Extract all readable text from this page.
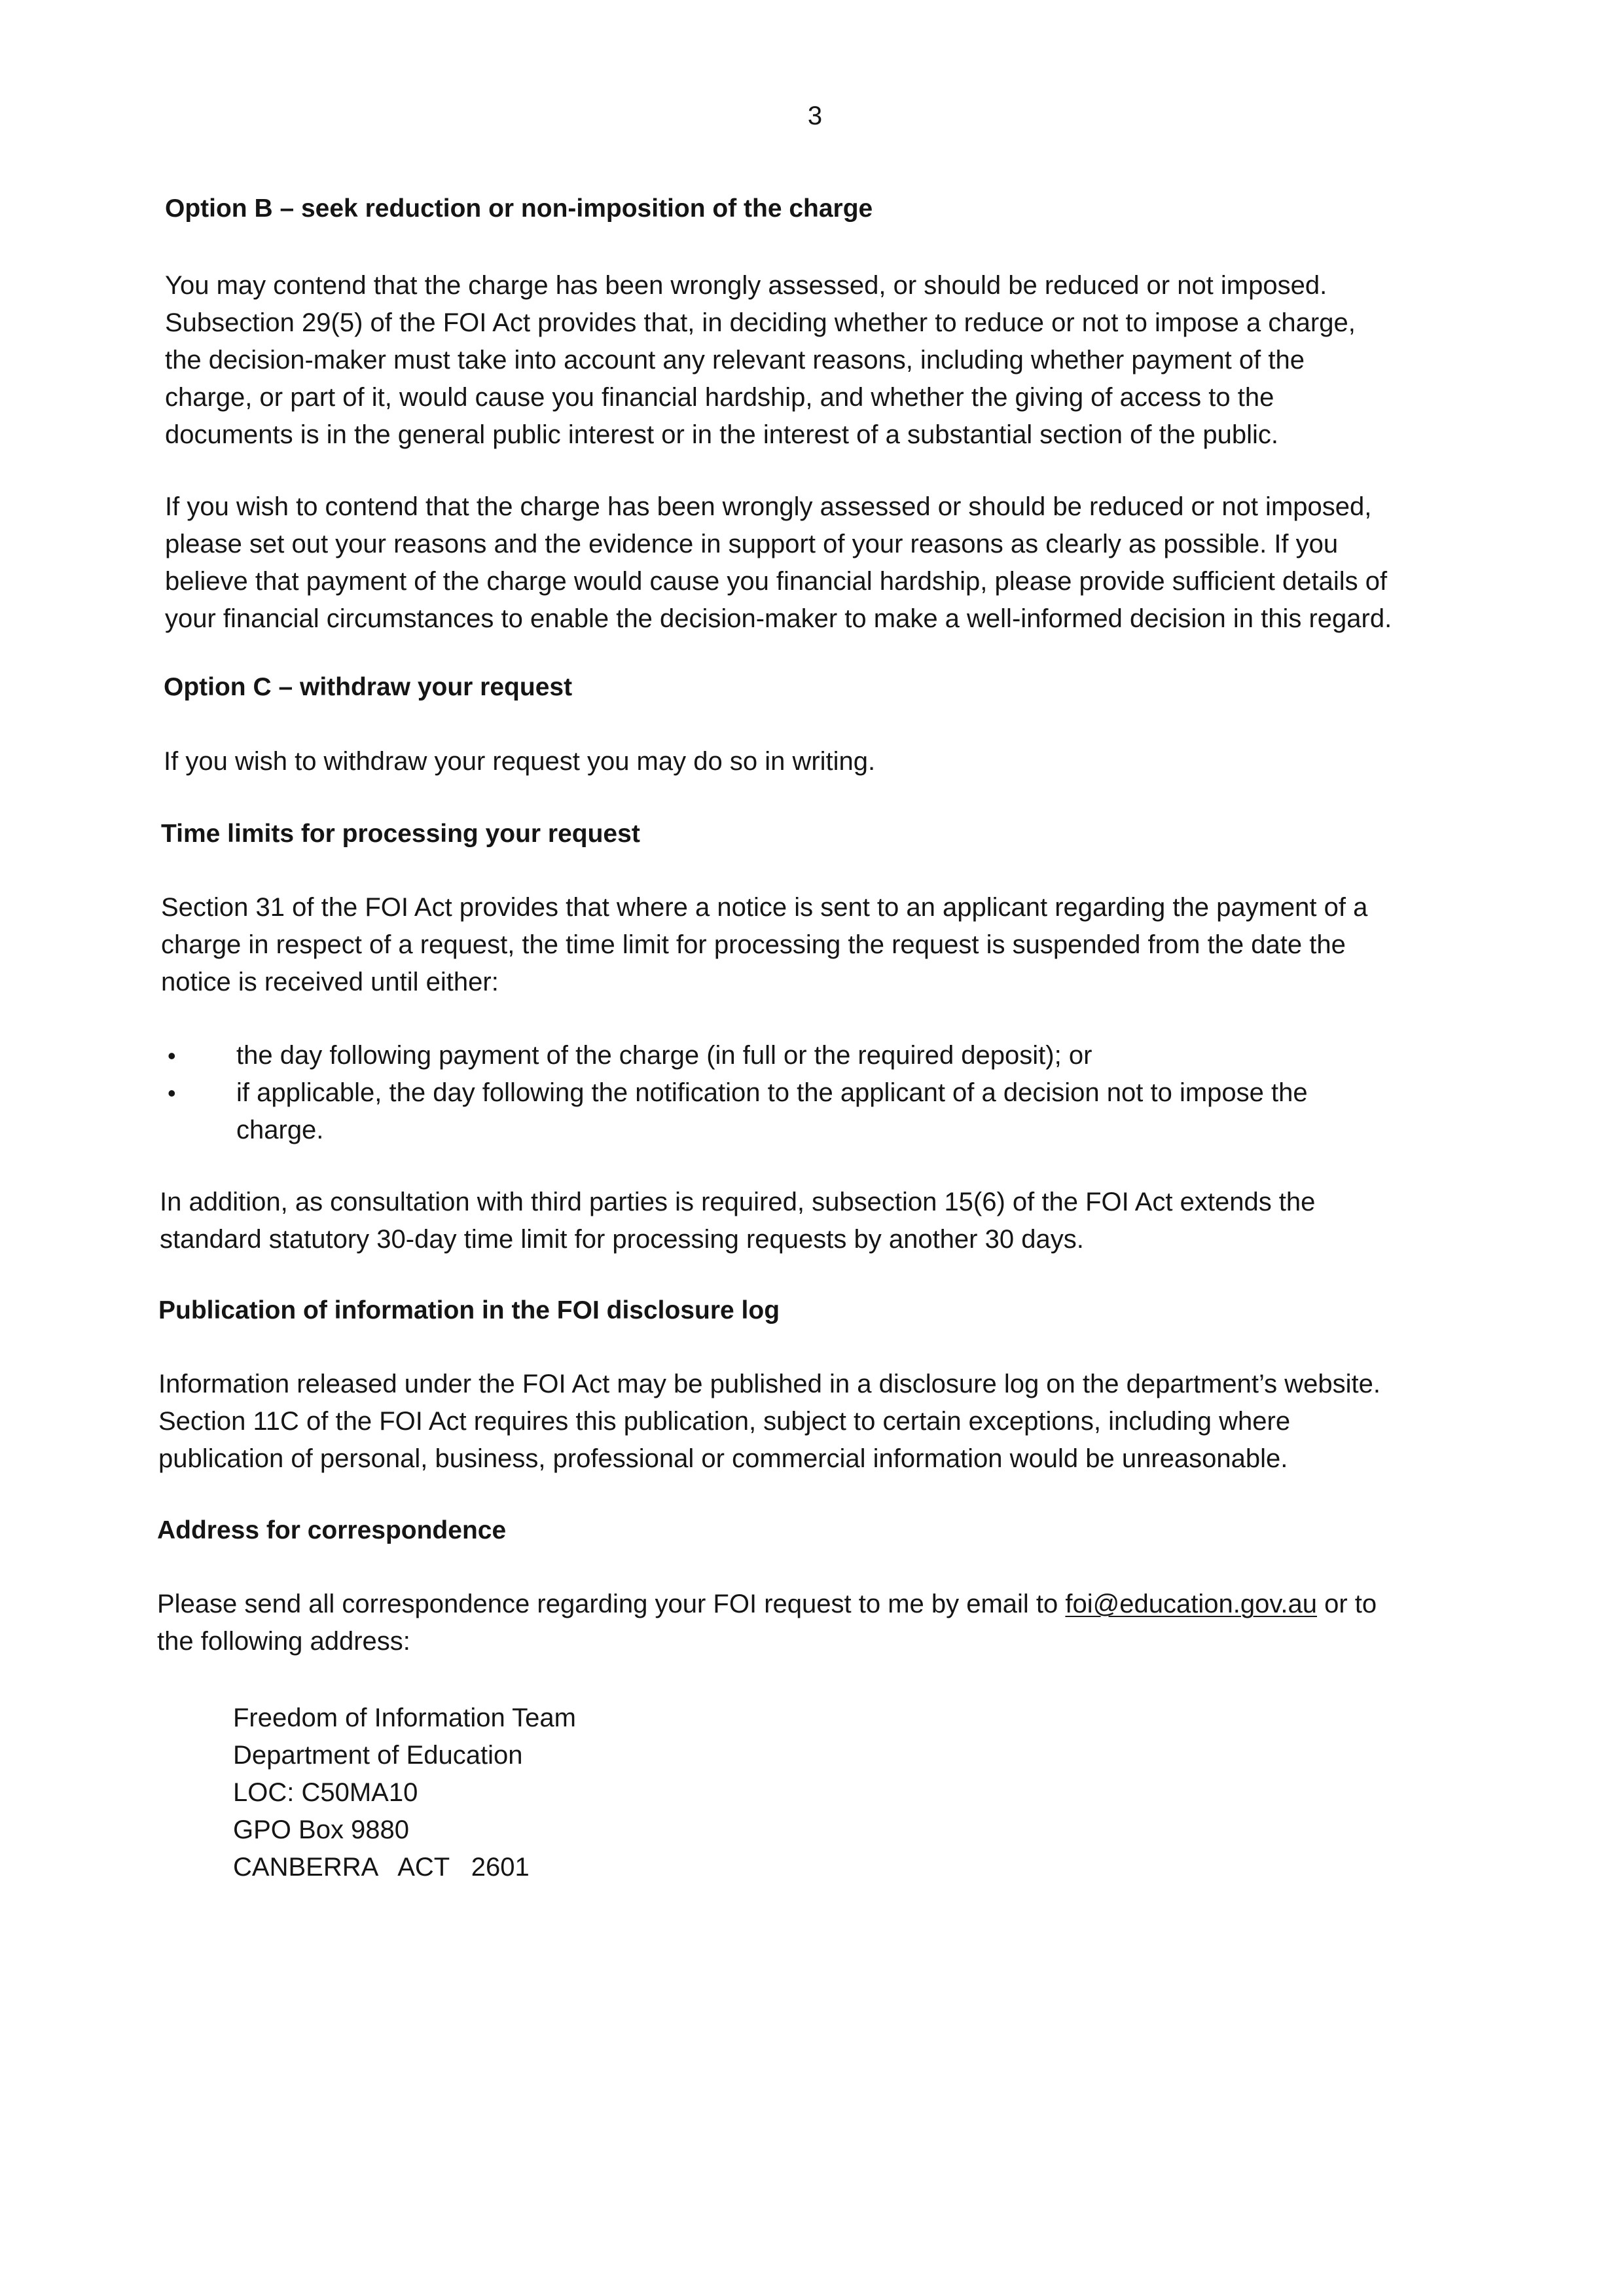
3
Option B – seek reduction or non-imposition of the charge
You may contend that the charge has been wrongly assessed, or should be reduced or not imposed.
Subsection 29(5) of the FOI Act provides that, in deciding whether to reduce or not to impose a charge,
the decision-maker must take into account any relevant reasons, including whether payment of the
charge, or part of it, would cause you financial hardship, and whether the giving of access to the
documents is in the general public interest or in the interest of a substantial section of the public.
If you wish to contend that the charge has been wrongly assessed or should be reduced or not imposed,
please set out your reasons and the evidence in support of your reasons as clearly as possible. If you
believe that payment of the charge would cause you financial hardship, please provide sufficient details of
your financial circumstances to enable the decision-maker to make a well-informed decision in this regard.
Option C – withdraw your request
If you wish to withdraw your request you may do so in writing.
Time limits for processing your request
Section 31 of the FOI Act provides that where a notice is sent to an applicant regarding the payment of a
charge in respect of a request, the time limit for processing the request is suspended from the date the
notice is received until either:
• the day following payment of the charge (in full or the required deposit); or
• if applicable, the day following the notification to the applicant of a decision not to impose the
charge.
In addition, as consultation with third parties is required, subsection 15(6) of the FOI Act extends the
standard statutory 30-day time limit for processing requests by another 30 days.
Publication of information in the FOI disclosure log
Information released under the FOI Act may be published in a disclosure log on the department’s website.
Section 11C of the FOI Act requires this publication, subject to certain exceptions, including where
publication of personal, business, professional or commercial information would be unreasonable.
Address for correspondence
Please send all correspondence regarding your FOI request to me by email to foi@education.gov.au or to
the following address:
Freedom of Information Team
Department of Education
LOC: C50MA10
GPO Box 9880
CANBERRA   ACT   2601
